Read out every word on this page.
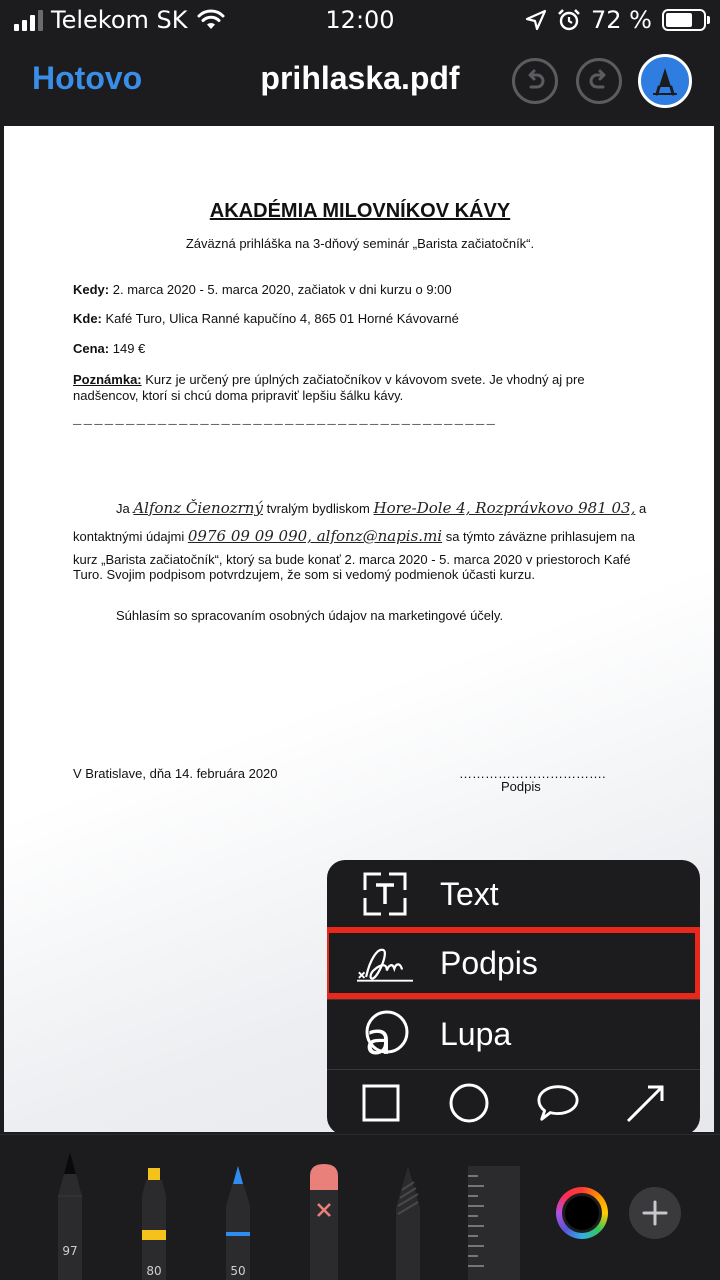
Telekom SK	12:00	72 %
Hotovo	prihlaska.pdf
AKADÉMIA MILOVNÍKOV KÁVY
Záväzná prihláška na 3-dňový seminár „Barista začiatočník“.
Kedy: 2. marca 2020 - 5. marca 2020, začiatok v dni kurzu o 9:00
Kde: Kafé Turo, Ulica Ranné kapučíno 4, 865 01 Horné Kávovarné
Cena: 149 €
Poznámka: Kurz je určený pre úplných začiatočníkov v kávovom svete. Je vhodný aj pre nadšencov, ktorí si chcú doma pripraviť lepšiu šálku kávy.
________________________________________
Ja Alfonz Čienozrný tvralým bydliskom Hore-Dole 4, Rozprávkovo 981 03, a
kontaktnými údajmi 0976 09 09 090, alfonz@napis.mi sa týmto záväzne prihlasujem na
kurz „Barista začiatočník“, ktorý sa bude konať 2. marca 2020 - 5. marca 2020 v priestoroch Kafé
Turo. Svojim podpisom potvrdzujem, že som si vedomý podmienok účasti kurzu.
Súhlasím so spracovaním osobných údajov na marketingové účely.
V Bratislave, dňa 14. februára 2020	…………………………….
Podpis
Text
Podpis
a Lupa
97
80	50
